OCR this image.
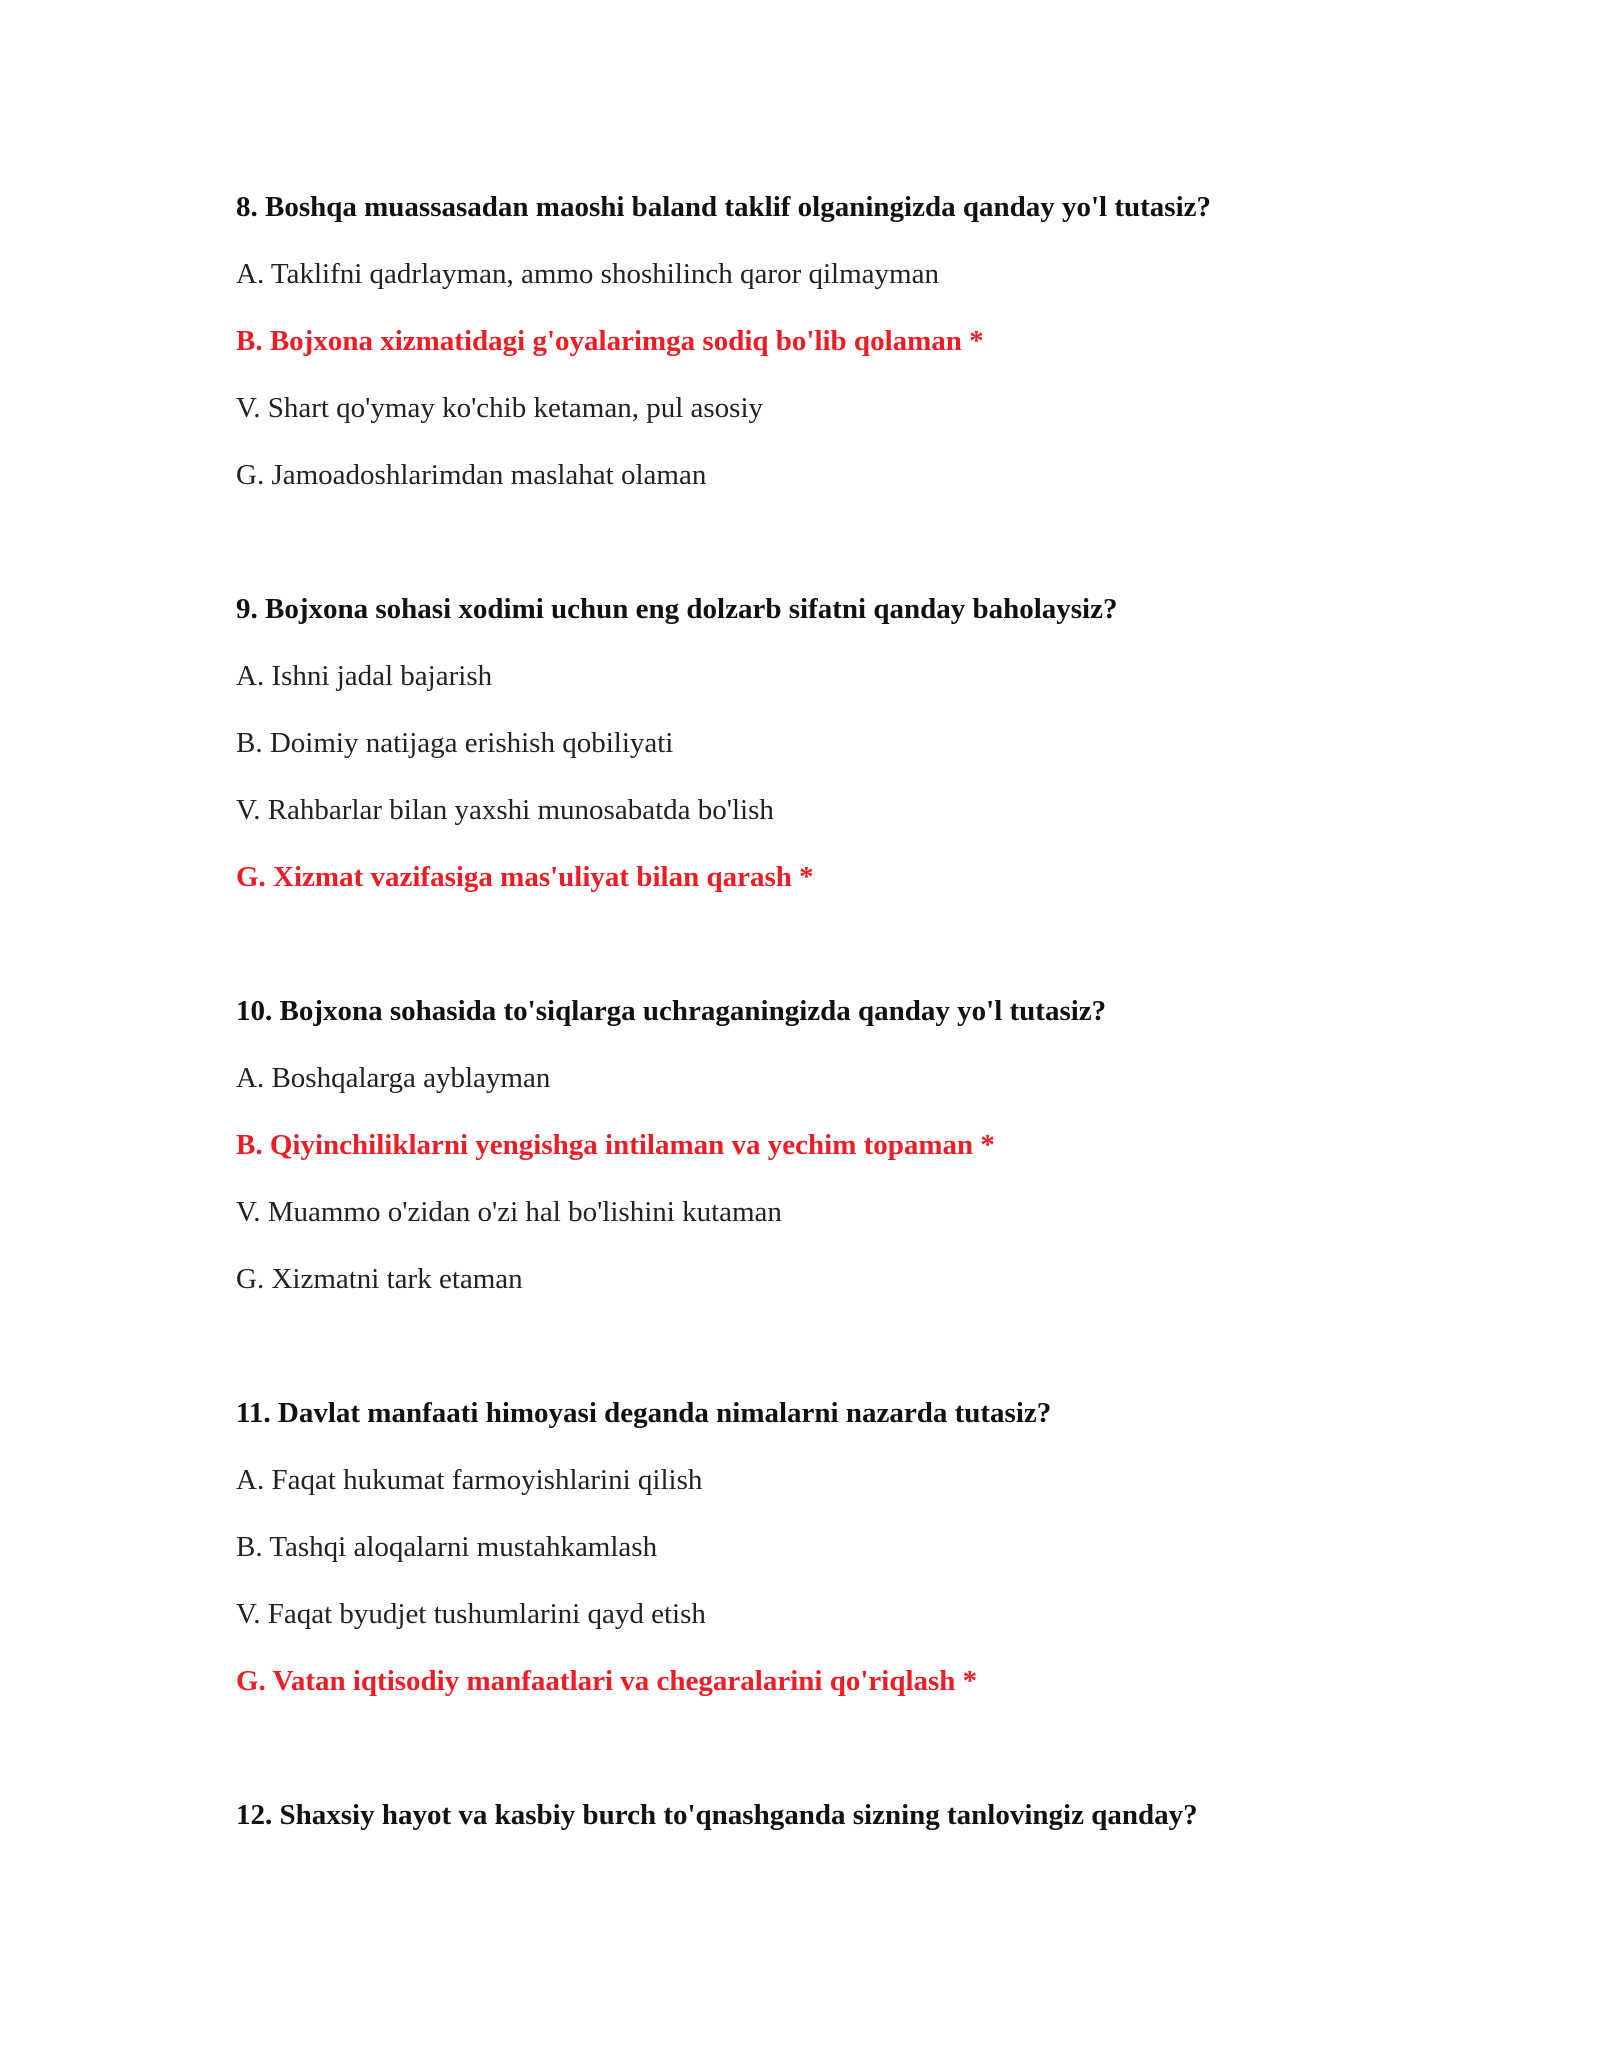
8. Boshqa muassasadan maoshi baland taklif olganingizda qanday yo'l tutasiz?
A. Taklifni qadrlayman, ammo shoshilinch qaror qilmayman
B. Bojxona xizmatidagi g'oyalarimga sodiq bo'lib qolaman *
V. Shart qo'ymay ko'chib ketaman, pul asosiy
G. Jamoadoshlarimdan maslahat olaman
9. Bojxona sohasi xodimi uchun eng dolzarb sifatni qanday baholaysiz?
A. Ishni jadal bajarish
B. Doimiy natijaga erishish qobiliyati
V. Rahbarlar bilan yaxshi munosabatda bo'lish
G. Xizmat vazifasiga mas'uliyat bilan qarash *
10. Bojxona sohasida to'siqlarga uchraganingizda qanday yo'l tutasiz?
A. Boshqalarga ayblayman
B. Qiyinchiliklarni yengishga intilaman va yechim topaman *
V. Muammo o'zidan o'zi hal bo'lishini kutaman
G. Xizmatni tark etaman
11. Davlat manfaati himoyasi deganda nimalarni nazarda tutasiz?
A. Faqat hukumat farmoyishlarini qilish
B. Tashqi aloqalarni mustahkamlash
V. Faqat byudjet tushumlarini qayd etish
G. Vatan iqtisodiy manfaatlari va chegaralarini qo'riqlash *
12. Shaxsiy hayot va kasbiy burch to'qnashganda sizning tanlovingiz qanday?
